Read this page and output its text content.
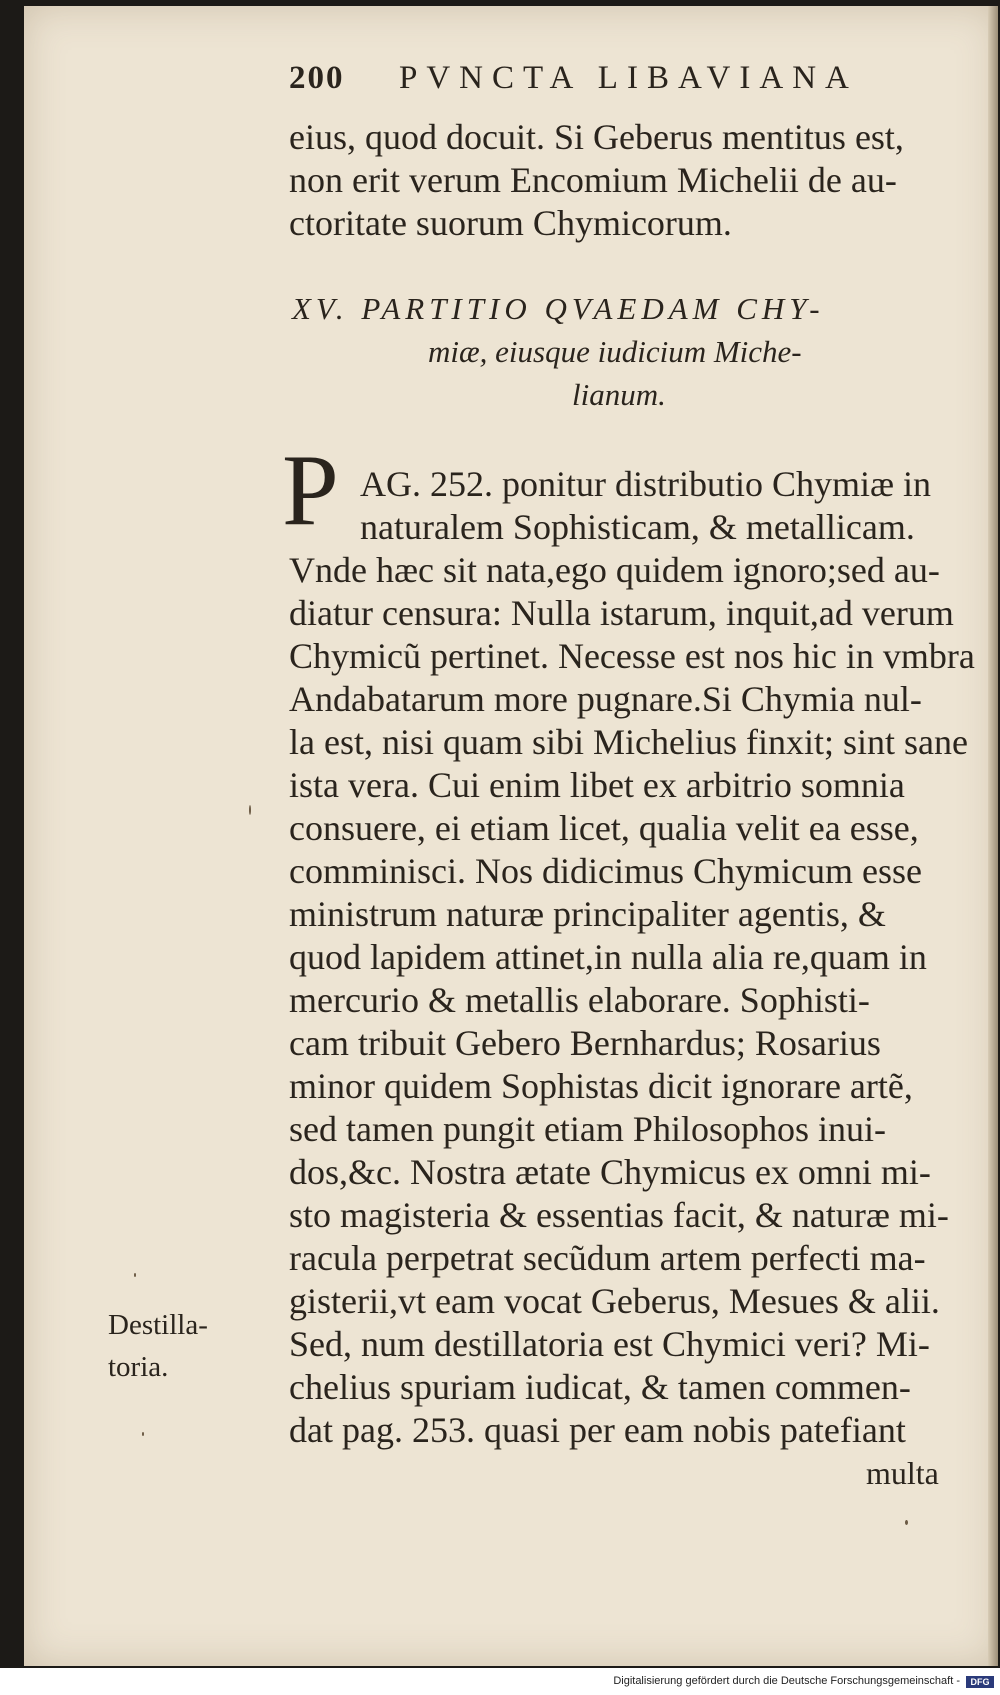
200 PVNCTA LIBAVIANA
eius, quod docuit. Si Geberus mentitus est,
non erit verum Encomium Michelii de au-
ctoritate suorum Chymicorum.
XV. PARTITIO QVAEDAM CHY-
miæ, eiusque iudicium Miche-
lianum.
P AG. 252. ponitur distributio Chymiæ in
naturalem Sophisticam, & metallicam.
Vnde hæc sit nata,ego quidem ignoro;sed au-
diatur censura: Nulla istarum, inquit,ad verum
Chymicũ pertinet. Necesse est nos hic in vmbra
Andabatarum more pugnare.Si Chymia nul-
la est, nisi quam sibi Michelius finxit; sint sane
ista vera. Cui enim libet ex arbitrio somnia
consuere, ei etiam licet, qualia velit ea esse,
comminisci. Nos didicimus Chymicum esse
ministrum naturæ principaliter agentis, &
quod lapidem attinet,in nulla alia re,quam in
mercurio & metallis elaborare. Sophisti-
cam tribuit Gebero Bernhardus; Rosarius
minor quidem Sophistas dicit ignorare artẽ,
sed tamen pungit etiam Philosophos inui-
dos,&c. Nostra ætate Chymicus ex omni mi-
sto magisteria & essentias facit, & naturæ mi-
racula perpetrat secũdum artem perfecti ma-
gisterii,vt eam vocat Geberus, Mesues & alii.
Sed, num destillatoria est Chymici veri? Mi-
chelius spuriam iudicat, & tamen commen-
dat pag. 253. quasi per eam nobis patefiant
multa
Destilla-
toria.
Digitalisierung gefördert durch die Deutsche Forschungsgemeinschaft -	DFG
